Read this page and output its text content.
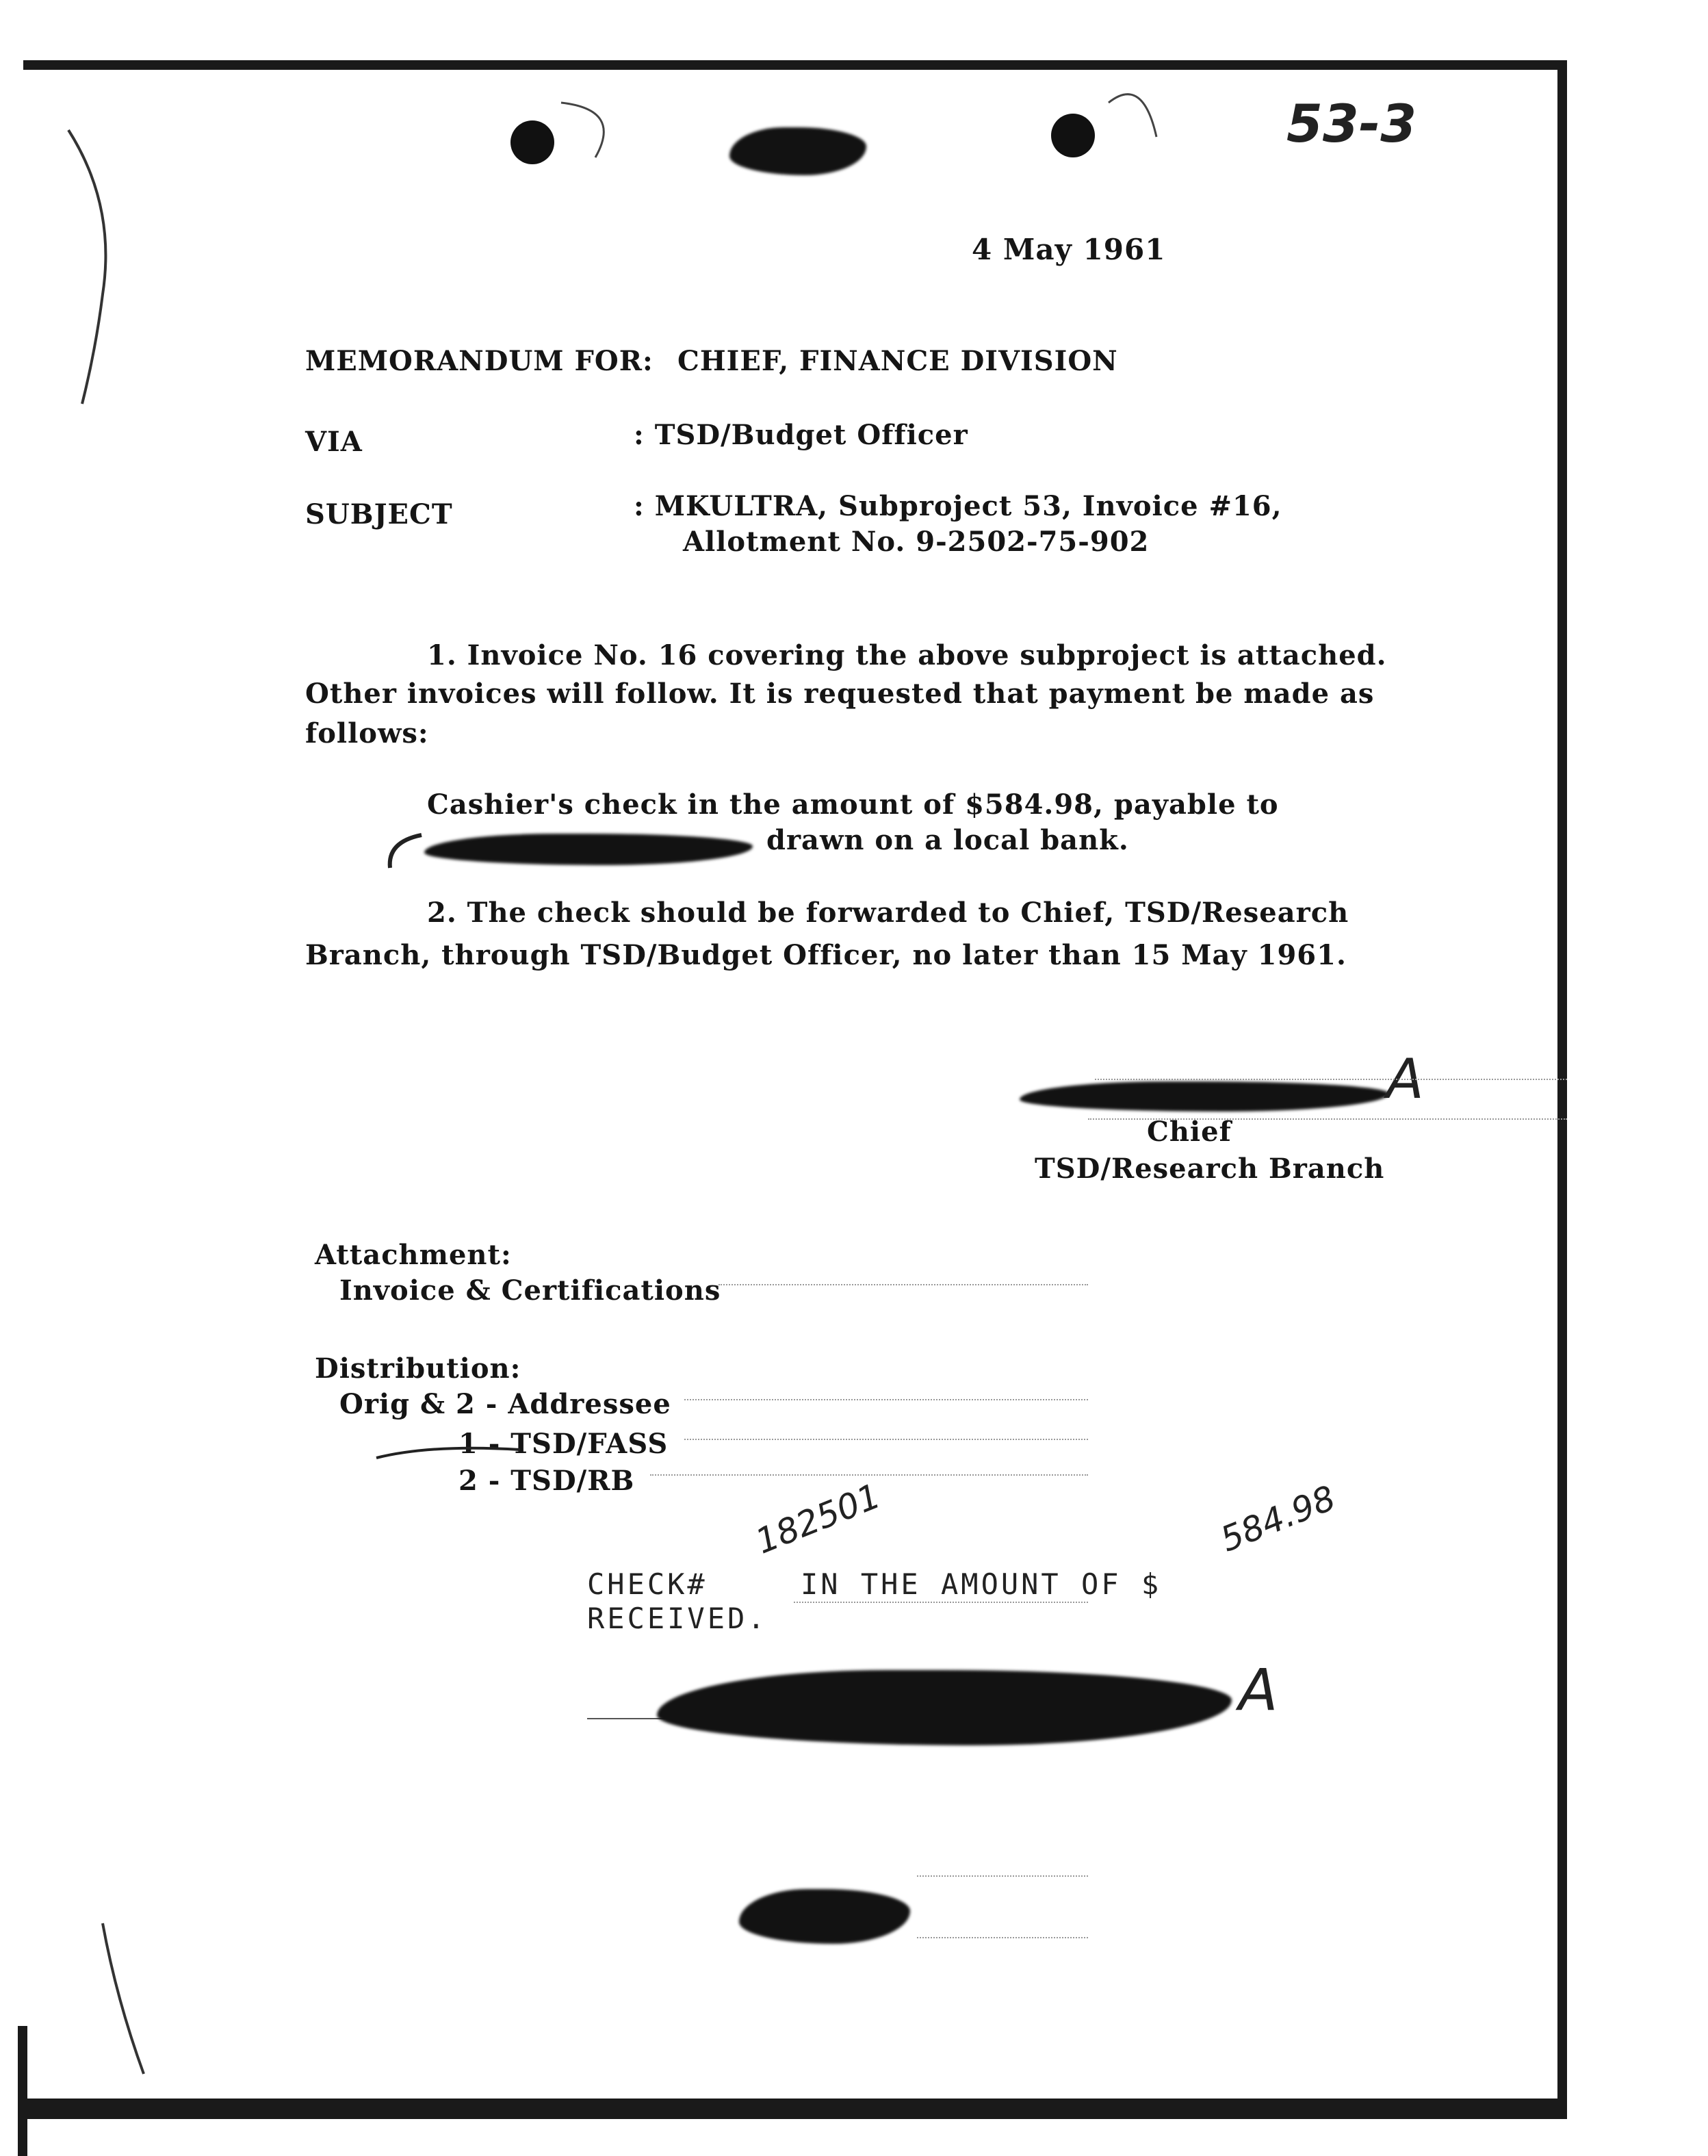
53-3
4 May 1961
MEMORANDUM FOR: CHIEF, FINANCE DIVISION
VIA	: TSD/Budget Officer
SUBJECT	: MKULTRA, Subproject 53, Invoice #16,
Allotment No. 9-2502-75-902
1. Invoice No. 16 covering the above subproject is attached.
Other invoices will follow. It is requested that payment be made as
follows:
Cashier's check in the amount of $584.98, payable to
drawn on a local bank.
2. The check should be forwarded to Chief, TSD/Research
Branch, through TSD/Budget Officer, no later than 15 May 1961.
A
Chief
TSD/Research Branch
Attachment:
Invoice & Certifications
Distribution:
Orig & 2 - Addressee
1 - TSD/FASS
2 - TSD/RB
CHECK#	IN THE AMOUNT OF $
RECEIVED.
182501	584.98
A
